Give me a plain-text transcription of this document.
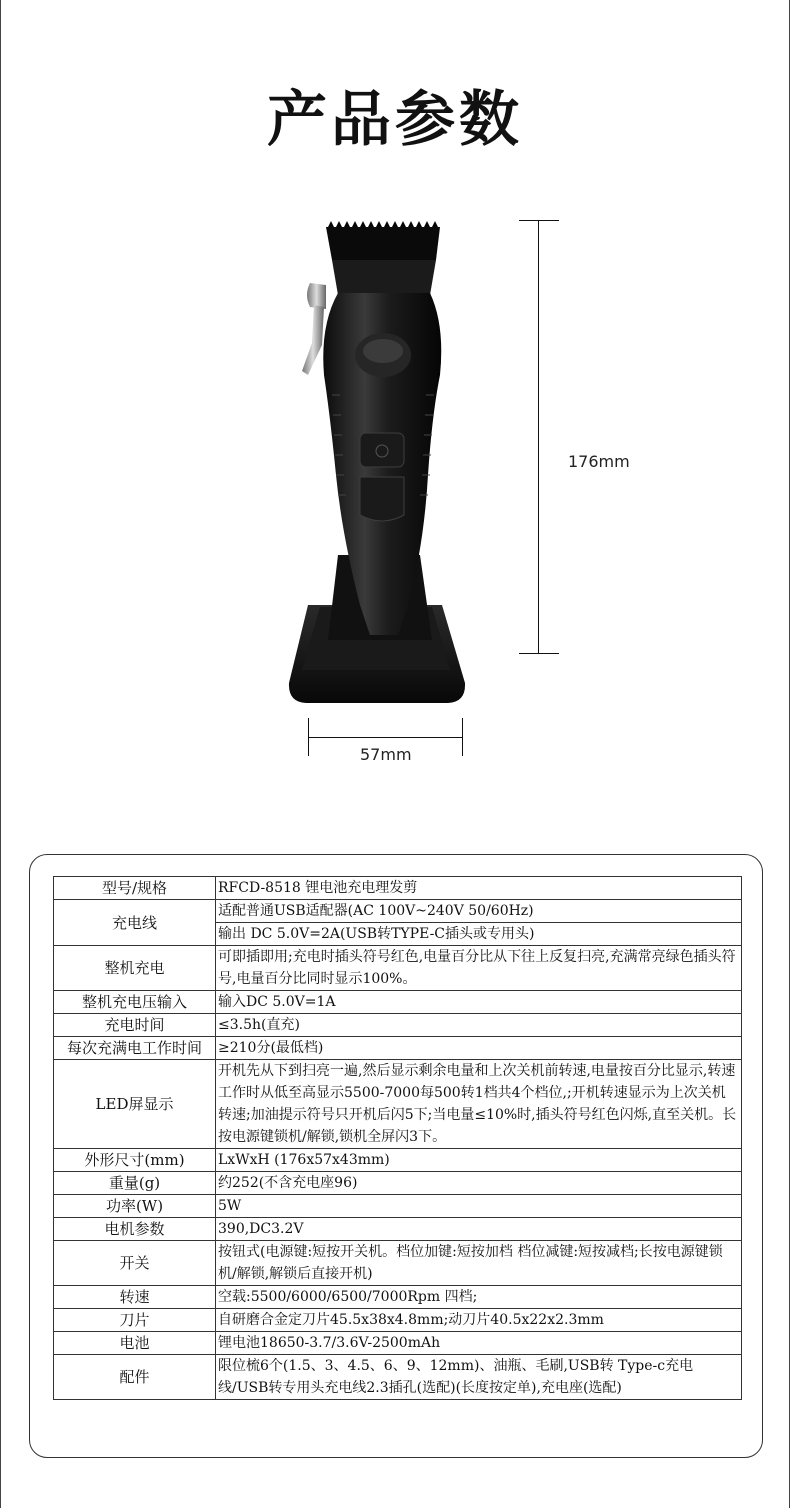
产品参数
176mm
57mm
型号/规格	RFCD-8518 锂电池充电理发剪
充电线	适配普通USB适配器(AC 100V~240V 50/60Hz)
输出 DC 5.0V=2A(USB转TYPE-C插头或专用头)

整机充电	可即插即用;充电时插头符号红色,电量百分比从下往上反复扫亮,充满常亮绿色插头符号,电量百分比同时显示100%。
整机充电压输入	输入DC 5.0V=1A
充电时间	≤3.5h(直充)
每次充满电工作时间	≥210分(最低档)
LED屏显示	开机先从下到扫亮一遍,然后显示剩余电量和上次关机前转速,电量按百分比显示,转速工作时从低至高显示5500-7000每500转1档共4个档位,;开机转速显示为上次关机转速;加油提示符号只开机后闪5下;当电量≤10%时,插头符号红色闪烁,直至关机。长按电源键锁机/解锁,锁机全屏闪3下。
外形尺寸(mm)	LxWxH (176x57x43mm)
重量(g)	约252(不含充电座96)
功率(W)	5W
电机参数	390,DC3.2V
开关	按钮式(电源键:短按开关机。档位加键:短按加档 档位减键:短按减档;长按电源键锁机/解锁,解锁后直接开机)
转速	空载:5500/6000/6500/7000Rpm 四档;
刀片	自研磨合金定刀片45.5x38x4.8mm;动刀片40.5x22x2.3mm
电池	锂电池18650-3.7/3.6V-2500mAh
配件	限位梳6个(1.5、3、4.5、6、9、12mm)、油瓶、毛刷,USB转 Type-c充电线/USB转专用头充电线2.3插孔(选配)(长度按定单),充电座(选配)
